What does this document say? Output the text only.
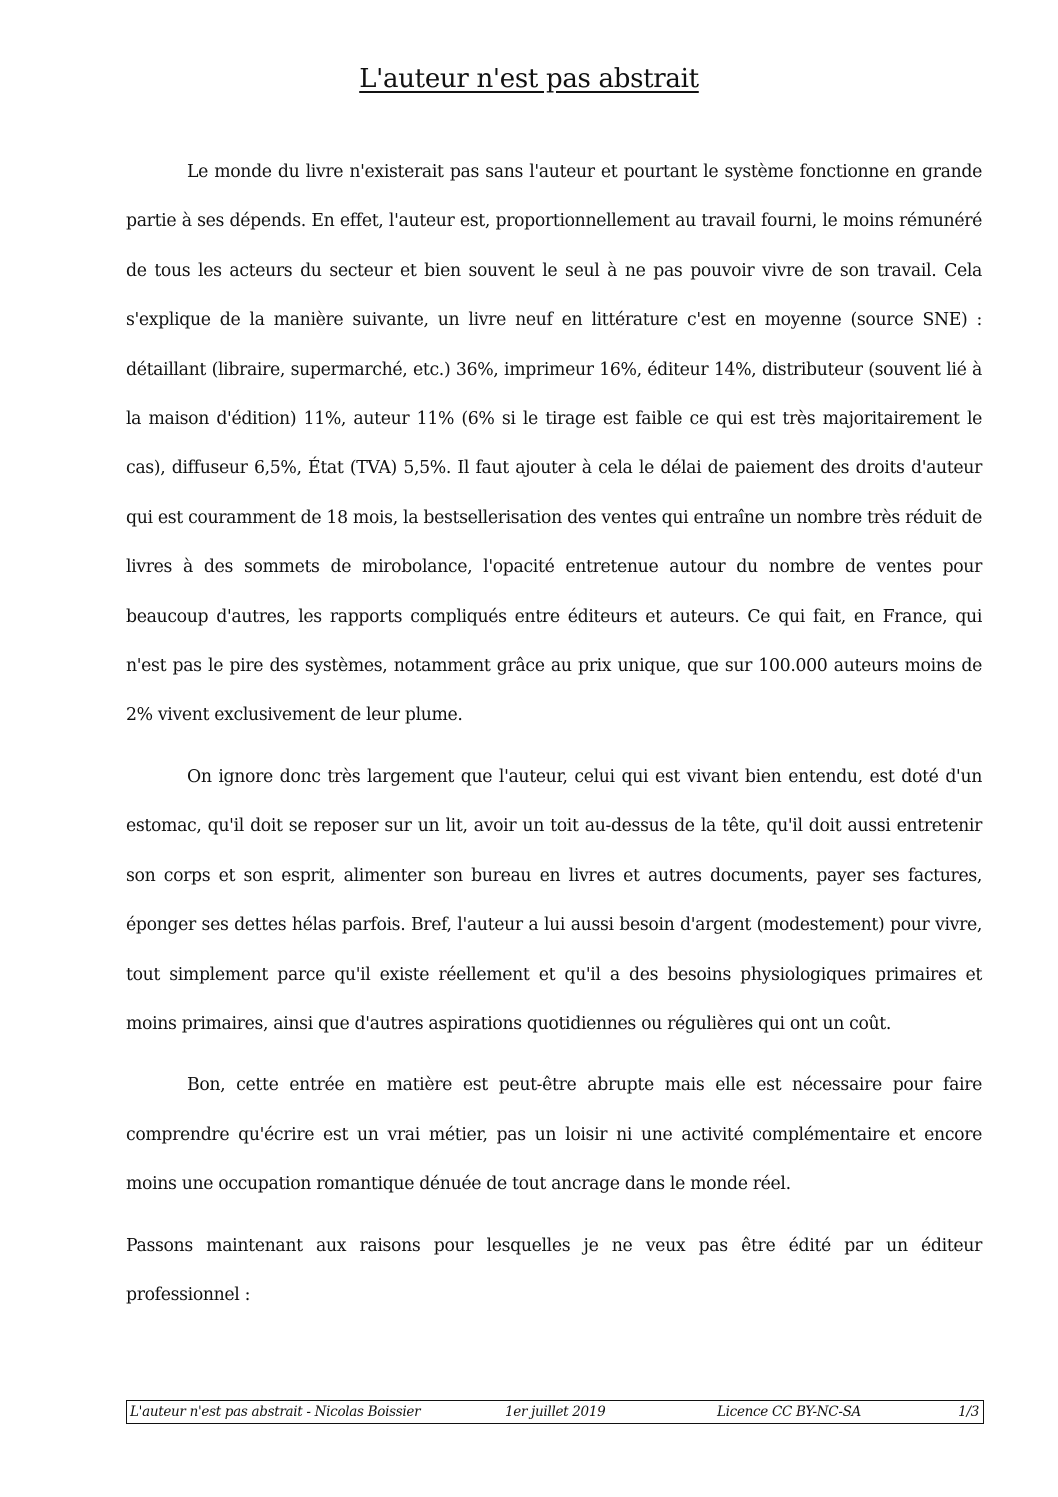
L'auteur n'est pas abstrait

Le monde du livre n'existerait pas sans l'auteur et pourtant le système fonctionne en grande partie à ses dépends. En effet, l'auteur est, proportionnellement au travail fourni, le moins rémunéré de tous les acteurs du secteur et bien souvent le seul à ne pas pouvoir vivre de son travail. Cela s'explique de la manière suivante, un livre neuf en littérature c'est en moyenne (source SNE) : détaillant (libraire, supermarché, etc.) 36%, imprimeur 16%, éditeur 14%, distributeur (souvent lié à la maison d'édition) 11%, auteur 11% (6% si le tirage est faible ce qui est très majoritairement le cas), diffuseur 6,5%, État (TVA) 5,5%. Il faut ajouter à cela le délai de paiement des droits d'auteur qui est couramment de 18 mois, la bestsellerisation des ventes qui entraîne un nombre très réduit de livres à des sommets de mirobolance, l'opacité entretenue autour du nombre de ventes pour beaucoup d'autres, les rapports compliqués entre éditeurs et auteurs. Ce qui fait, en France, qui n'est pas le pire des systèmes, notamment grâce au prix unique, que sur 100.000 auteurs moins de 2% vivent exclusivement de leur plume.

On ignore donc très largement que l'auteur, celui qui est vivant bien entendu, est doté d'un estomac, qu'il doit se reposer sur un lit, avoir un toit au-dessus de la tête, qu'il doit aussi entretenir son corps et son esprit, alimenter son bureau en livres et autres documents, payer ses factures, éponger ses dettes hélas parfois. Bref, l'auteur a lui aussi besoin d'argent (modestement) pour vivre, tout simplement parce qu'il existe réellement et qu'il a des besoins physiologiques primaires et moins primaires, ainsi que d'autres aspirations quotidiennes ou régulières qui ont un coût.

Bon, cette entrée en matière est peut-être abrupte mais elle est nécessaire pour faire comprendre qu'écrire est un vrai métier, pas un loisir ni une activité complémentaire et encore moins une occupation romantique dénuée de tout ancrage dans le monde réel.

Passons maintenant aux raisons pour lesquelles je ne veux pas être édité par un éditeur professionnel :

L'auteur n'est pas abstrait - Nicolas Boissier	1er juillet 2019	Licence CC BY-NC-SA	1/3
